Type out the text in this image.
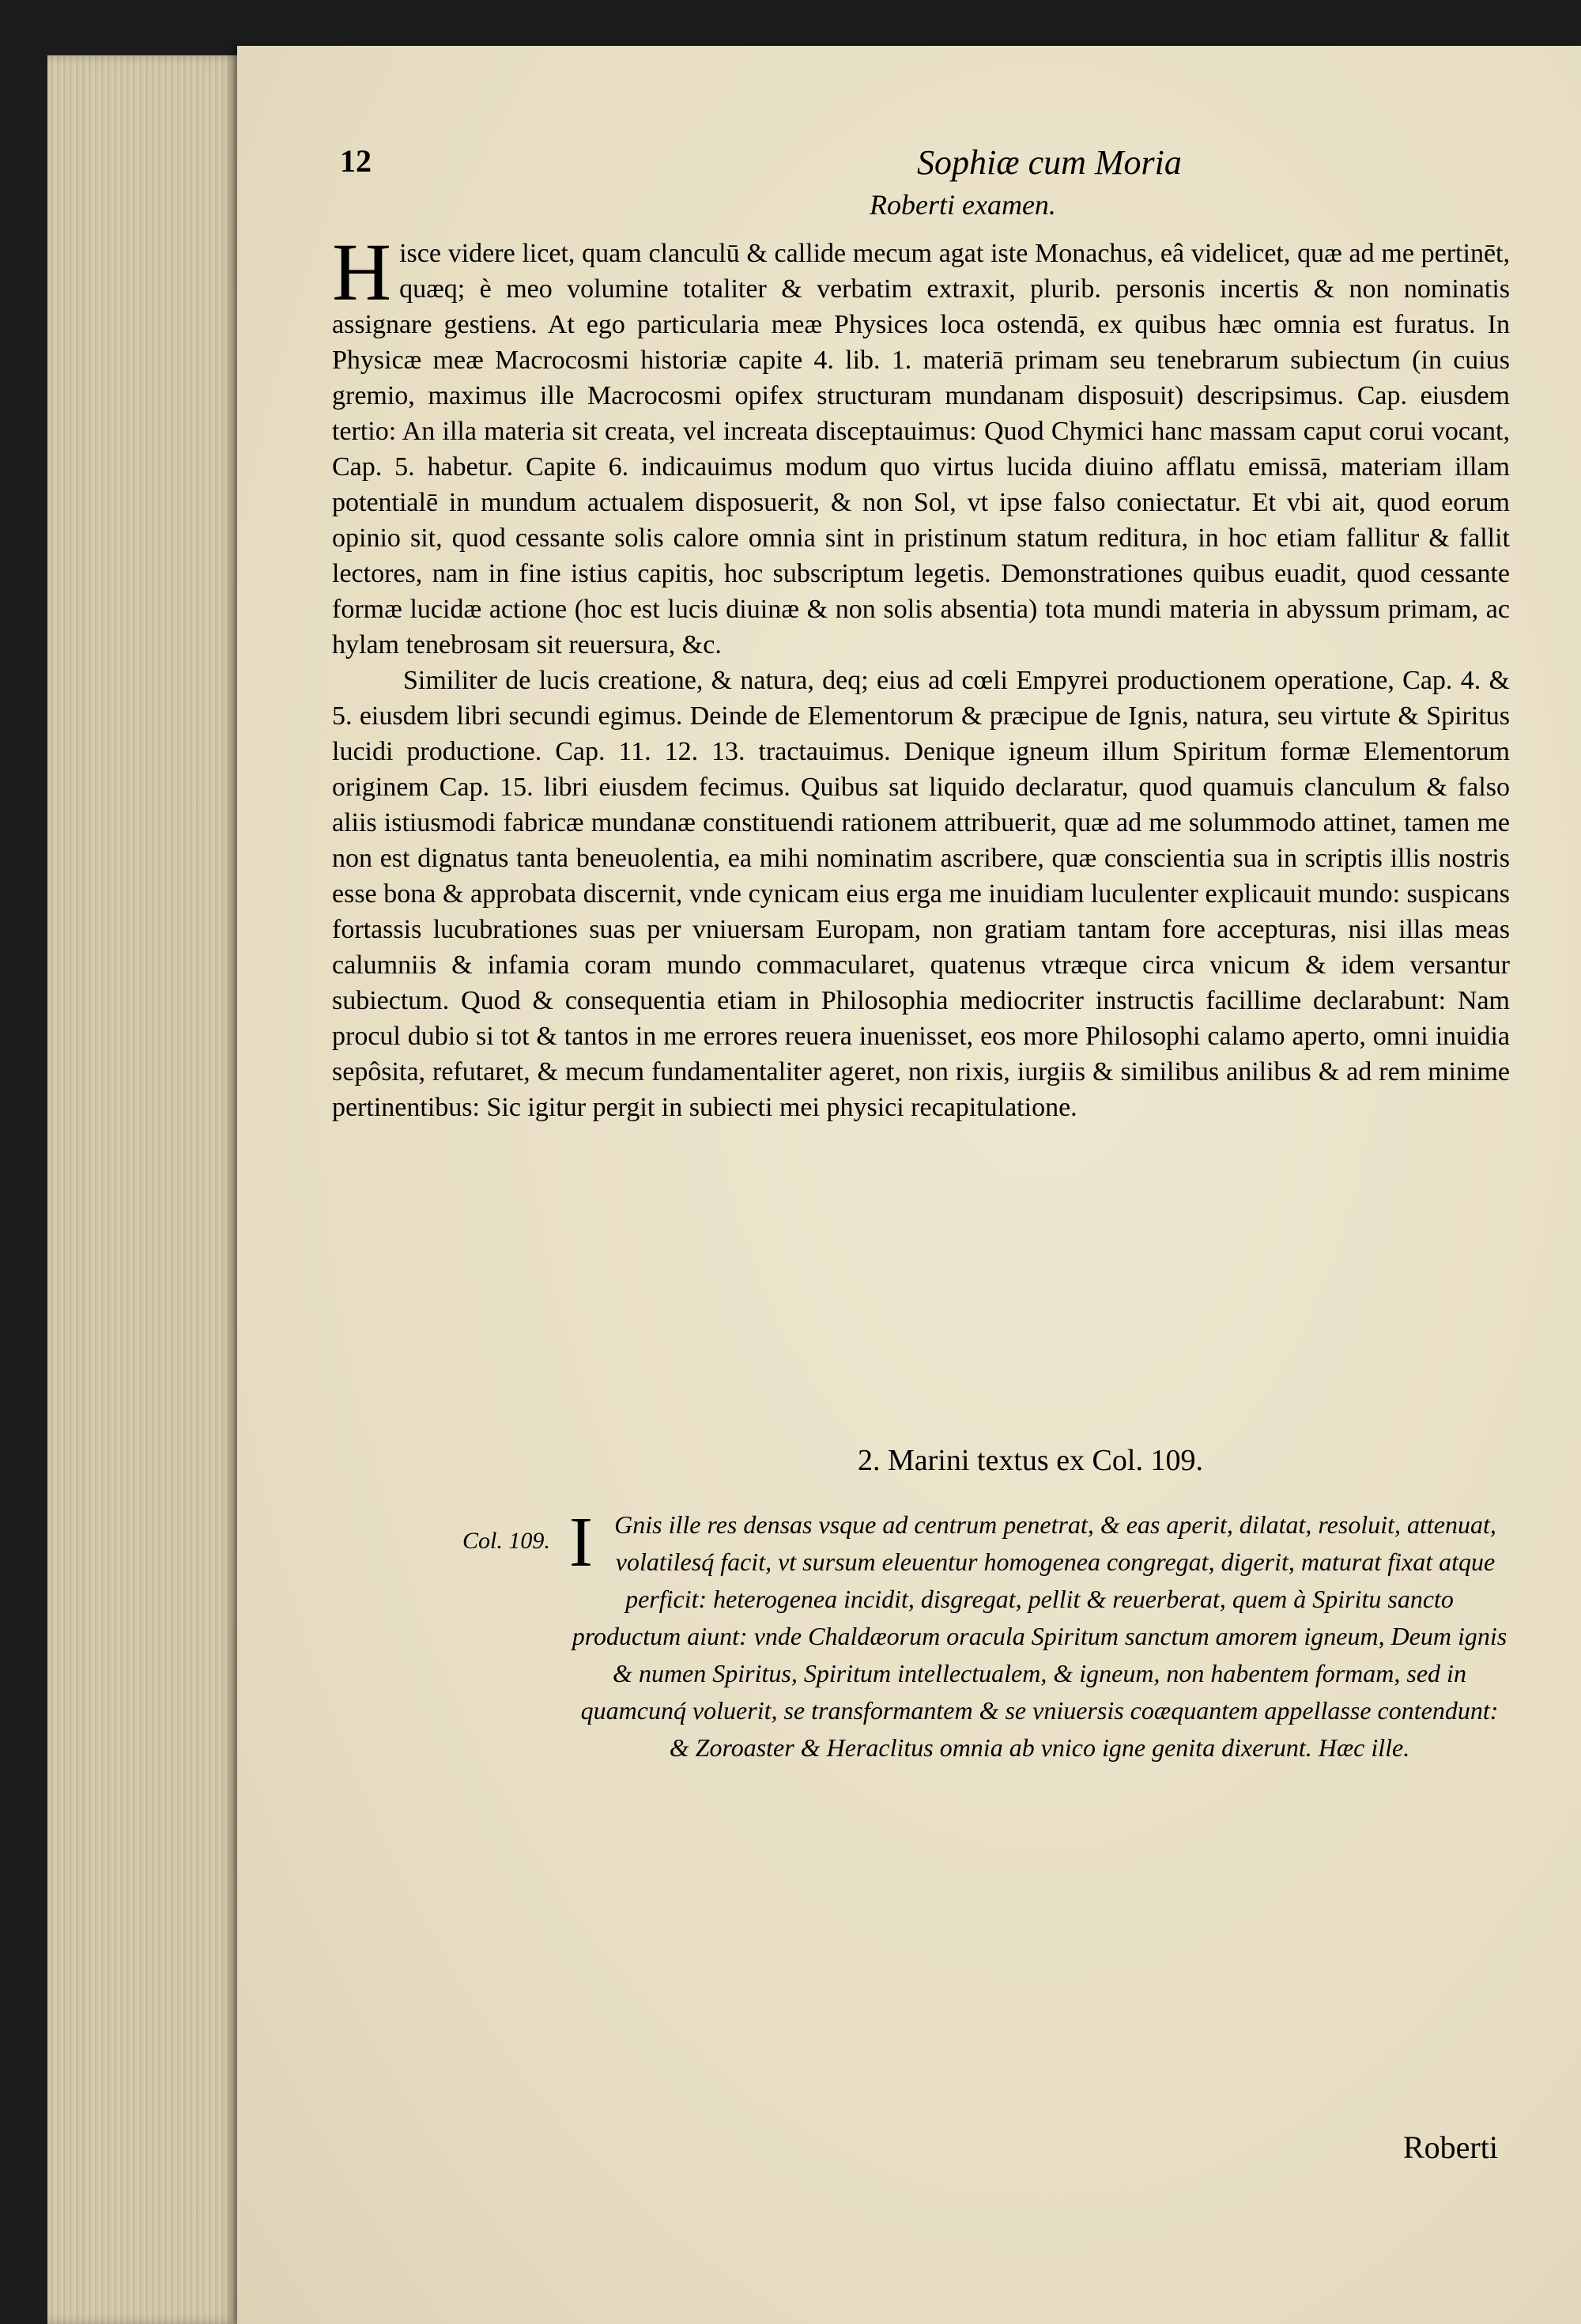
12	Sophiæ cum Moria
Roberti examen.

H isce videre licet, quam clanculū & callide mecum agat iste Monachus, eâ videlicet, quæ ad me pertinēt, quæq; è meo volumine totaliter & verbatim extraxit, plurib. personis incertis & non nominatis assignare gestiens. At ego particularia meæ Physices loca ostendā, ex quibus hæc omnia est furatus. In Physicæ meæ Macrocosmi historiæ capite 4. lib. 1. materiā primam seu tenebrarum subiectum (in cuius gremio, maximus ille Macrocosmi opifex structuram mundanam disposuit) descripsimus. Cap. eiusdem tertio: An illa materia sit creata, vel increata disceptauimus: Quod Chymici hanc massam caput corui vocant, Cap. 5. habetur. Capite 6. indicauimus modum quo virtus lucida diuino afflatu emissā, materiam illam potentialē in mundum actualem disposuerit, & non Sol, vt ipse falso coniectatur. Et vbi ait, quod eorum opinio sit, quod cessante solis calore omnia sint in pristinum statum reditura, in hoc etiam fallitur & fallit lectores, nam in fine istius capitis, hoc subscriptum legetis. Demonstrationes quibus euadit, quod cessante formæ lucidæ actione (hoc est lucis diuinæ & non solis absentia) tota mundi materia in abyssum primam, ac hylam tenebrosam sit reuersura, &c.

Similiter de lucis creatione, & natura, deq; eius ad cœli Empyrei productionem operatione, Cap. 4. & 5. eiusdem libri secundi egimus. Deinde de Elementorum & præcipue de Ignis, natura, seu virtute & Spiritus lucidi productione. Cap. 11. 12. 13. tractauimus. Denique igneum illum Spiritum formæ Elementorum originem Cap. 15. libri eiusdem fecimus. Quibus sat liquido declaratur, quod quamuis clanculum & falso aliis istiusmodi fabricæ mundanæ constituendi rationem attribuerit, quæ ad me solummodo attinet, tamen me non est dignatus tanta beneuolentia, ea mihi nominatim ascribere, quæ conscientia sua in scriptis illis nostris esse bona & approbata discernit, vnde cynicam eius erga me inuidiam luculenter explicauit mundo: suspicans fortassis lucubrationes suas per vniuersam Europam, non gratiam tantam fore accepturas, nisi illas meas calumniis & infamia coram mundo commacularet, quatenus vtræque circa vnicum & idem versantur subiectum. Quod & consequentia etiam in Philosophia mediocriter instructis facillime declarabunt: Nam procul dubio si tot & tantos in me errores reuera inuenisset, eos more Philosophi calamo aperto, omni inuidia sepôsita, refutaret, & mecum fundamentaliter ageret, non rixis, iurgiis & similibus anilibus & ad rem minime pertinentibus: Sic igitur pergit in subiecti mei physici recapitulatione.

2. Marini textus ex Col. 109.
Col. 109. I Gnis ille res densas vsque ad centrum penetrat, & eas aperit, dilatat, resoluit, attenuat, volatilesq́ facit, vt sursum eleuentur homogenea congregat, digerit, maturat fixat atque perficit: heterogenea incidit, disgregat, pellit & reuerberat, quem à Spiritu sancto productum aiunt: vnde Chaldæorum oracula Spiritum sanctum amorem igneum, Deum ignis & numen Spiritus, Spiritum intellectualem, & igneum, non habentem formam, sed in quamcunq́ voluerit, se transformantem & se vniuersis coæquantem appellasse contendunt: & Zoroaster & Heraclitus omnia ab vnico igne genita dixerunt. Hæc ille.
Roberti
